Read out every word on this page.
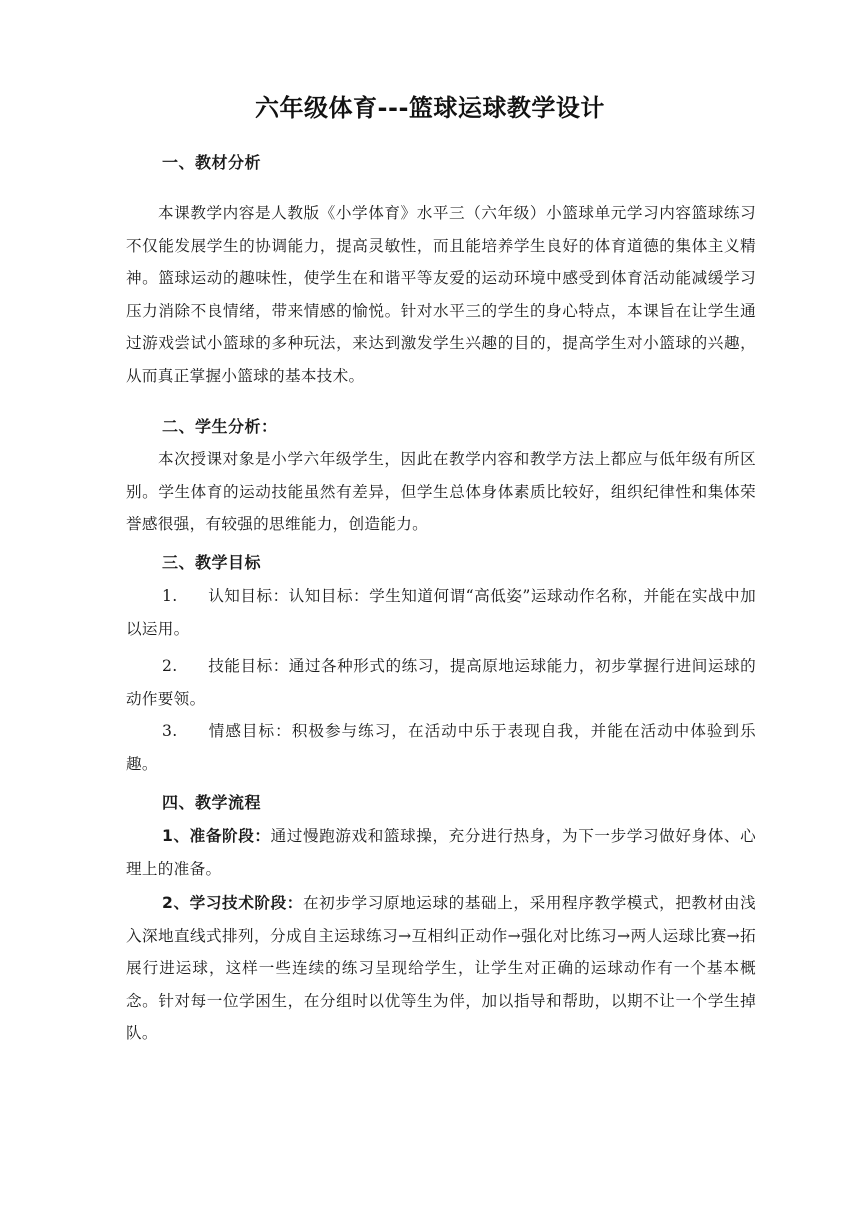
六年级体育---篮球运球教学设计
一、教材分析

本课教学内容是人教版《小学体育》水平三（六年级）小篮球单元学习内容篮球练习不仅能发展学生的协调能力，提高灵敏性，而且能培养学生良好的体育道德的集体主义精神。篮球运动的趣味性，使学生在和谐平等友爱的运动环境中感受到体育活动能减缓学习压力消除不良情绪，带来情感的愉悦。针对水平三的学生的身心特点，本课旨在让学生通过游戏尝试小篮球的多种玩法，来达到激发学生兴趣的目的，提高学生对小篮球的兴趣，从而真正掌握小篮球的基本技术。

二、学生分析：

本次授课对象是小学六年级学生，因此在教学内容和教学方法上都应与低年级有所区别。学生体育的运动技能虽然有差异，但学生总体身体素质比较好，组织纪律性和集体荣誉感很强，有较强的思维能力，创造能力。

三、教学目标

1. 认知目标：认知目标：学生知道何谓“高低姿”运球动作名称，并能在实战中加以运用。

2. 技能目标：通过各种形式的练习，提高原地运球能力，初步掌握行进间运球的动作要领。

3. 情感目标：积极参与练习，在活动中乐于表现自我，并能在活动中体验到乐趣。

四、教学流程

1、准备阶段：通过慢跑游戏和篮球操，充分进行热身，为下一步学习做好身体、心理上的准备。

2、学习技术阶段：在初步学习原地运球的基础上，采用程序教学模式，把教材由浅入深地直线式排列，分成自主运球练习→互相纠正动作→强化对比练习→两人运球比赛→拓展行进运球，这样一些连续的练习呈现给学生，让学生对正确的运球动作有一个基本概念。针对每一位学困生，在分组时以优等生为伴，加以指导和帮助，以期不让一个学生掉队。
